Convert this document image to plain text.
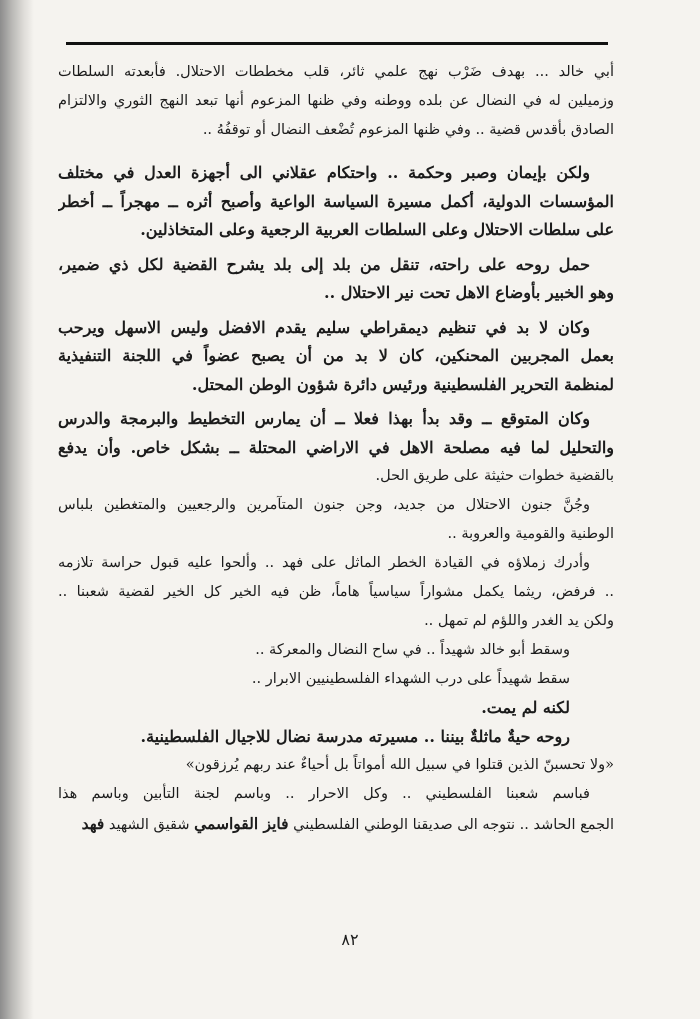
أبي خالد ... بهدف ضَرْب نهج علمي ثائر، قلب مخططات الاحتلال. فأبعدته السلطات
وزميلين له في النضال عن بلده ووطنه وفي ظنها المزعوم أنها تبعد النهج الثوري والالتزام
الصادق بأقدس قضية .. وفي ظنها المزعوم تُضْعف النضال أو توقفُهُ ..
ولكن بإيمان وصبر وحكمة .. واحتكام عقلاني الى أجهزة العدل في مختلف
المؤسسات الدولية، أكمل مسيرة السياسة الواعية وأصبح أثره ــ مهجراً ــ أخطر
على سلطات الاحتلال وعلى السلطات العربية الرجعية وعلى المتخاذلين.
حمل روحه على راحته، تنقل من بلد إلى بلد يشرح القضية لكل ذي ضمير،
وهو الخبير بأوضاع الاهل تحت نير الاحتلال ..
وكان لا بد في تنظيم ديمقراطي سليم يقدم الافضل وليس الاسهل ويرحب
بعمل المجربين المحنكين، كان لا بد من أن يصبح عضواً في اللجنة التنفيذية
لمنظمة التحرير الفلسطينية ورئيس دائرة شؤون الوطن المحتل.
وكان المتوقع ــ وقد بدأ بهذا فعلا ــ أن يمارس التخطيط والبرمجة والدرس
والتحليل لما فيه مصلحة الاهل في الاراضي المحتلة ــ بشكل خاص. وأن يدفع
بالقضية خطوات حثيثة على طريق الحل.
وجُنَّ جنون الاحتلال من جديد، وجن جنون المتآمرين والرجعيين والمتغطين بلباس
الوطنية والقومية والعروبة ..
وأدرك زملاؤه في القيادة الخطر الماثل على فهد .. وألحوا عليه قبول حراسة تلازمه
.. فرفض، ريثما يكمل مشواراً سياسياً هاماً، ظن فيه الخير كل الخير لقضية شعبنا ..
ولكن يد الغدر واللؤم لم تمهل ..
وسقط أبو خالد شهيداً .. في ساح النضال والمعركة ..
سقط شهيداً على درب الشهداء الفلسطينيين الابرار ..
لكنه لم يمت.
روحه حيةٌ ماثلةٌ بيننا .. مسيرته مدرسة نضال للاجيال الفلسطينية.
«ولا تحسبنّ الذين قتلوا في سبيل الله أمواتاً بل أحياءٌ عند ربهم يُرزقون»
فباسم شعبنا الفلسطيني .. وكل الاحرار .. وباسم لجنة التأبين وباسم هذا
الجمع الحاشد .. نتوجه الى صديقنا الوطني الفلسطيني فايز القواسمي شقيق الشهيد فهد
٨٢
